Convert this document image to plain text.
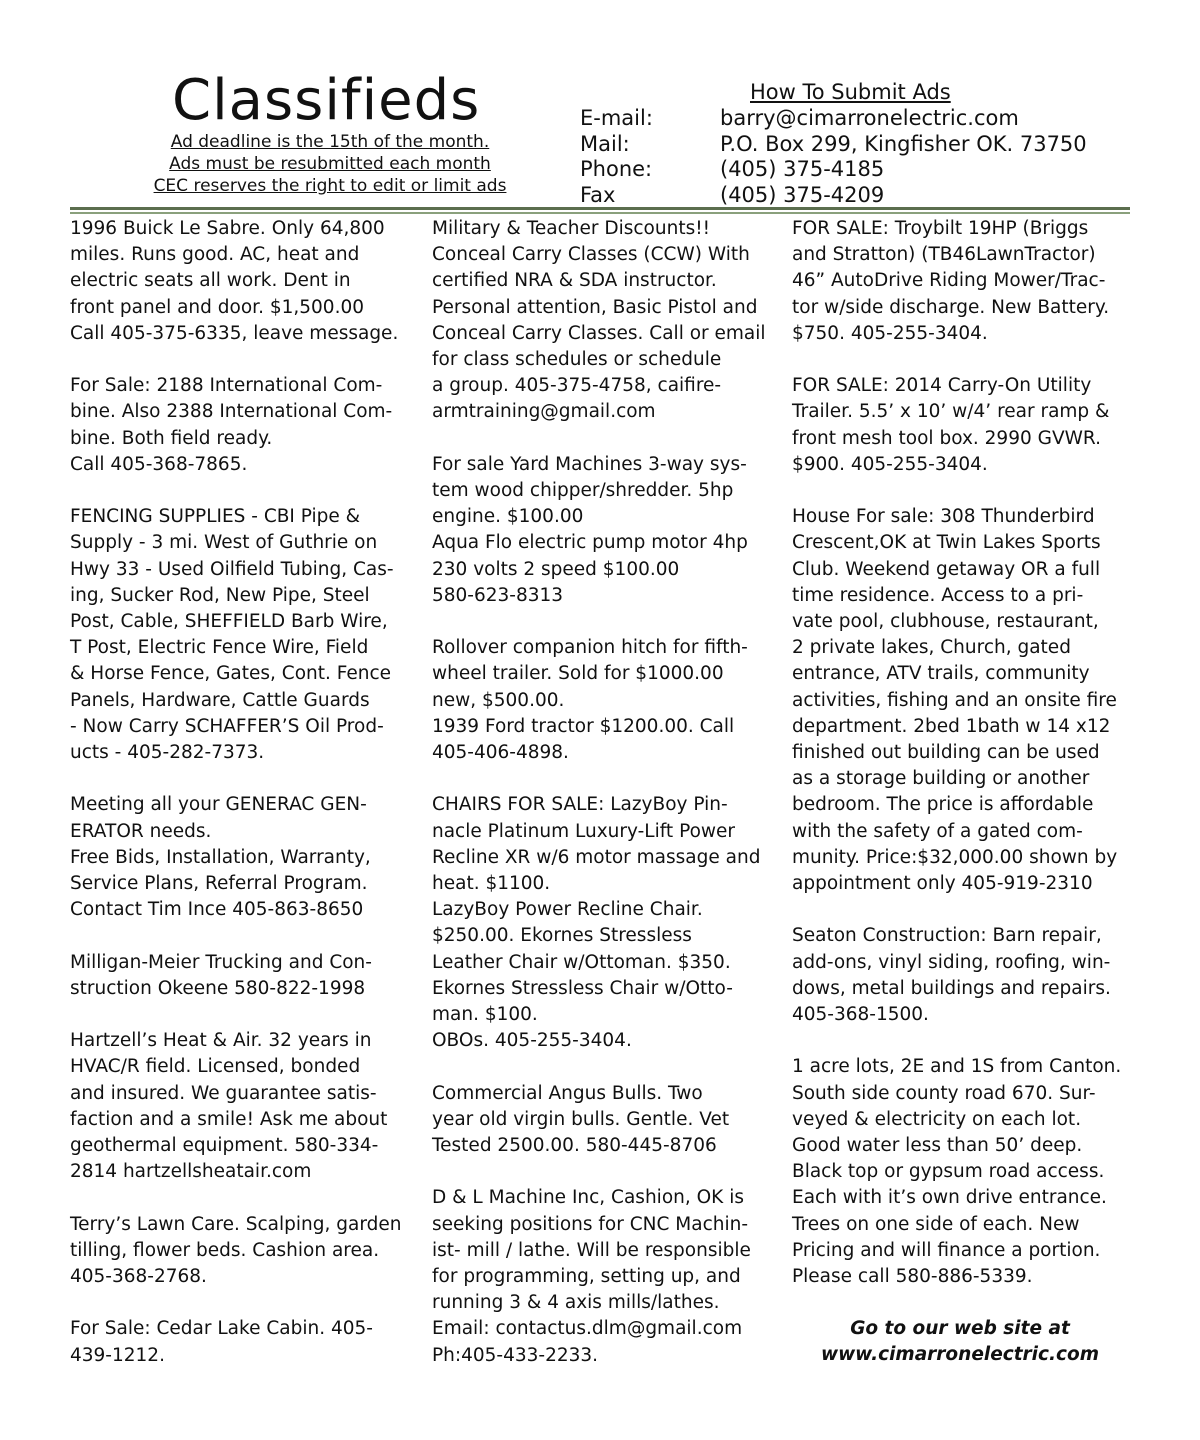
Classifieds
Ad deadline is the 15th of the month.
Ads must be resubmitted each month
CEC reserves the right to edit or limit ads
How To Submit Ads
E-mail:	barry@cimarronelectric.com
Mail:	P.O. Box 299, Kingfisher OK. 73750
Phone:	(405) 375-4185
Fax	(405) 375-4209
1996 Buick Le Sabre. Only 64,800
miles. Runs good. AC, heat and
electric seats all work. Dent in
front panel and door. $1,500.00
Call 405-375-6335, leave message.
For Sale: 2188 International Com-
bine. Also 2388 International Com-
bine. Both field ready.
Call 405-368-7865.
FENCING SUPPLIES - CBI Pipe &
Supply - 3 mi. West of Guthrie on
Hwy 33 - Used Oilfield Tubing, Cas-
ing, Sucker Rod, New Pipe, Steel
Post, Cable, SHEFFIELD Barb Wire,
T Post, Electric Fence Wire, Field
& Horse Fence, Gates, Cont. Fence
Panels, Hardware, Cattle Guards
- Now Carry SCHAFFER’S Oil Prod-
ucts - 405-282-7373.
Meeting all your GENERAC GEN-
ERATOR needs.
Free Bids, Installation, Warranty,
Service Plans, Referral Program.
Contact Tim Ince 405-863-8650
Milligan-Meier Trucking and Con-
struction Okeene 580-822-1998
Hartzell’s Heat & Air. 32 years in
HVAC/R field. Licensed, bonded
and insured. We guarantee satis-
faction and a smile! Ask me about
geothermal equipment. 580-334-
2814 hartzellsheatair.com
Terry’s Lawn Care. Scalping, garden
tilling, flower beds. Cashion area.
405-368-2768.
For Sale: Cedar Lake Cabin. 405-
439-1212.
Military & Teacher Discounts!!
Conceal Carry Classes (CCW) With
certified NRA & SDA instructor.
Personal attention, Basic Pistol and
Conceal Carry Classes. Call or email
for class schedules or schedule
a group. 405-375-4758, caifire-
armtraining@gmail.com
For sale Yard Machines 3-way sys-
tem wood chipper/shredder. 5hp
engine. $100.00
Aqua Flo electric pump motor 4hp
230 volts 2 speed $100.00
580-623-8313
Rollover companion hitch for fifth-
wheel trailer. Sold for $1000.00
new, $500.00.
1939 Ford tractor $1200.00. Call
405-406-4898.
CHAIRS FOR SALE: LazyBoy Pin-
nacle Platinum Luxury-Lift Power
Recline XR w/6 motor massage and
heat. $1100.
LazyBoy Power Recline Chair.
$250.00. Ekornes Stressless
Leather Chair w/Ottoman. $350.
Ekornes Stressless Chair w/Otto-
man. $100.
OBOs. 405-255-3404.
Commercial Angus Bulls. Two
year old virgin bulls. Gentle. Vet
Tested 2500.00. 580-445-8706
D & L Machine Inc, Cashion, OK is
seeking positions for CNC Machin-
ist- mill / lathe. Will be responsible
for programming, setting up, and
running 3 & 4 axis mills/lathes.
Email: contactus.dlm@gmail.com
Ph:405-433-2233.
FOR SALE: Troybilt 19HP (Briggs
and Stratton) (TB46LawnTractor)
46” AutoDrive Riding Mower/Trac-
tor w/side discharge. New Battery.
$750. 405-255-3404.
FOR SALE: 2014 Carry-On Utility
Trailer. 5.5’ x 10’ w/4’ rear ramp &
front mesh tool box. 2990 GVWR.
$900. 405-255-3404.
House For sale: 308 Thunderbird
Crescent,OK at Twin Lakes Sports
Club. Weekend getaway OR a full
time residence. Access to a pri-
vate pool, clubhouse, restaurant,
2 private lakes, Church, gated
entrance, ATV trails, community
activities, fishing and an onsite fire
department. 2bed 1bath w 14 x12
finished out building can be used
as a storage building or another
bedroom. The price is affordable
with the safety of a gated com-
munity. Price:$32,000.00 shown by
appointment only 405-919-2310
Seaton Construction: Barn repair,
add-ons, vinyl siding, roofing, win-
dows, metal buildings and repairs.
405-368-1500.
1 acre lots, 2E and 1S from Canton.
South side county road 670. Sur-
veyed & electricity on each lot.
Good water less than 50’ deep.
Black top or gypsum road access.
Each with it’s own drive entrance.
Trees on one side of each. New
Pricing and will finance a portion.
Please call 580-886-5339.
Go to our web site at
www.cimarronelectric.com
